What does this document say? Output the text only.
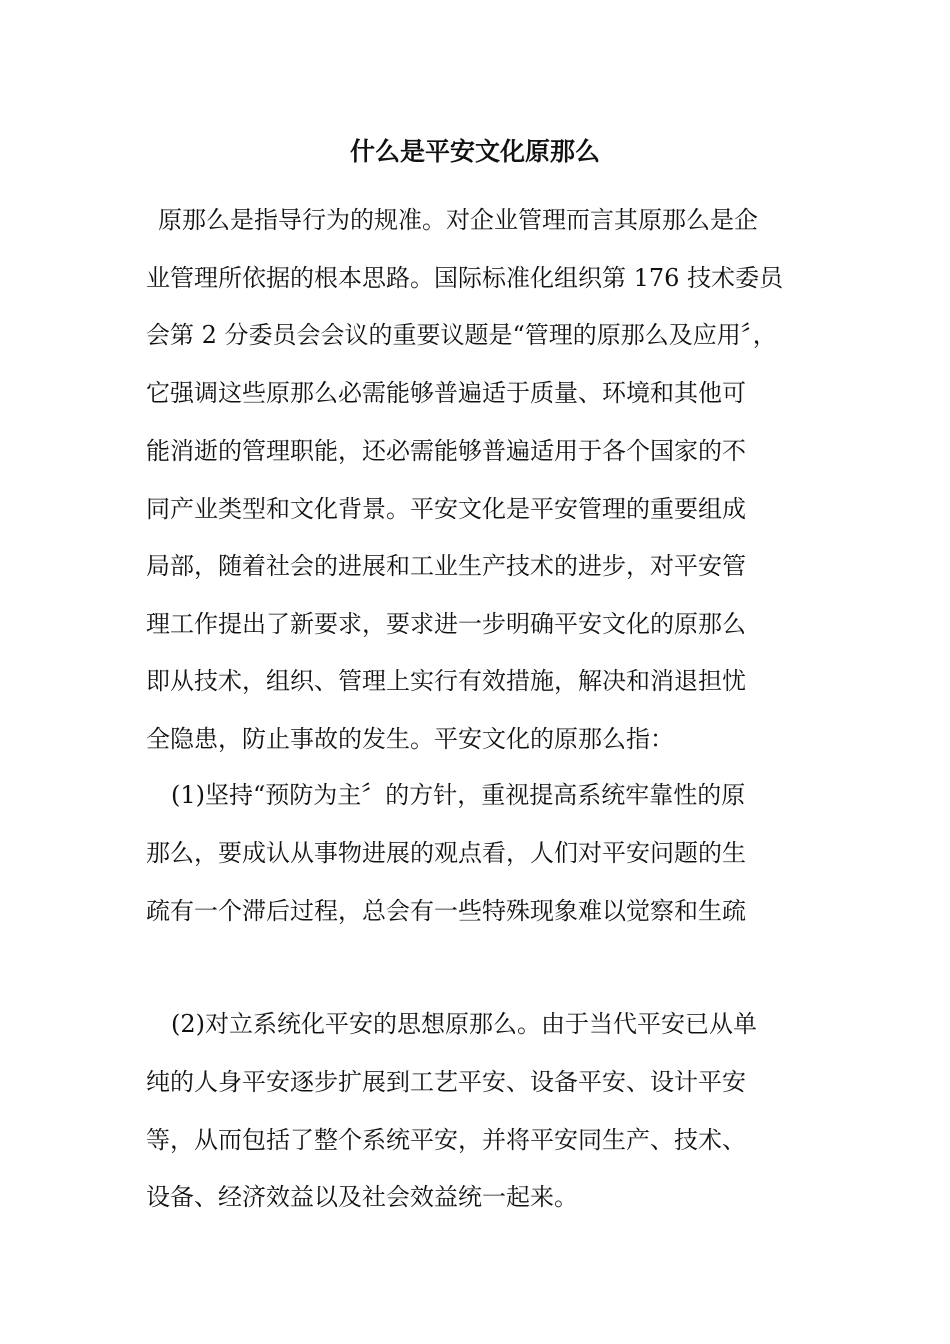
什么是平安文化原那么

原那么是指导行为的规准。对企业管理而言其原那么是企

业管理所依据的根本思路。国际标准化组织第 176 技术委员

会第 2 分委员会会议的重要议题是“管理的原那么及应用〞，

它强调这些原那么必需能够普遍适于质量、环境和其他可

能消逝的管理职能，还必需能够普遍适用于各个国家的不

同产业类型和文化背景。平安文化是平安管理的重要组成

局部，随着社会的进展和工业生产技术的进步，对平安管

理工作提出了新要求，要求进一步明确平安文化的原那么

即从技术，组织、管理上实行有效措施，解决和消退担忧

全隐患，防止事故的发生。平安文化的原那么指：

(1)坚持“预防为主〞的方针，重视提高系统牢靠性的原

那么，要成认从事物进展的观点看，人们对平安问题的生

疏有一个滞后过程，总会有一些特殊现象难以觉察和生疏

(2)对立系统化平安的思想原那么。由于当代平安已从单

纯的人身平安逐步扩展到工艺平安、设备平安、设计平安

等，从而包括了整个系统平安，并将平安同生产、技术、

设备、经济效益以及社会效益统一起来。
